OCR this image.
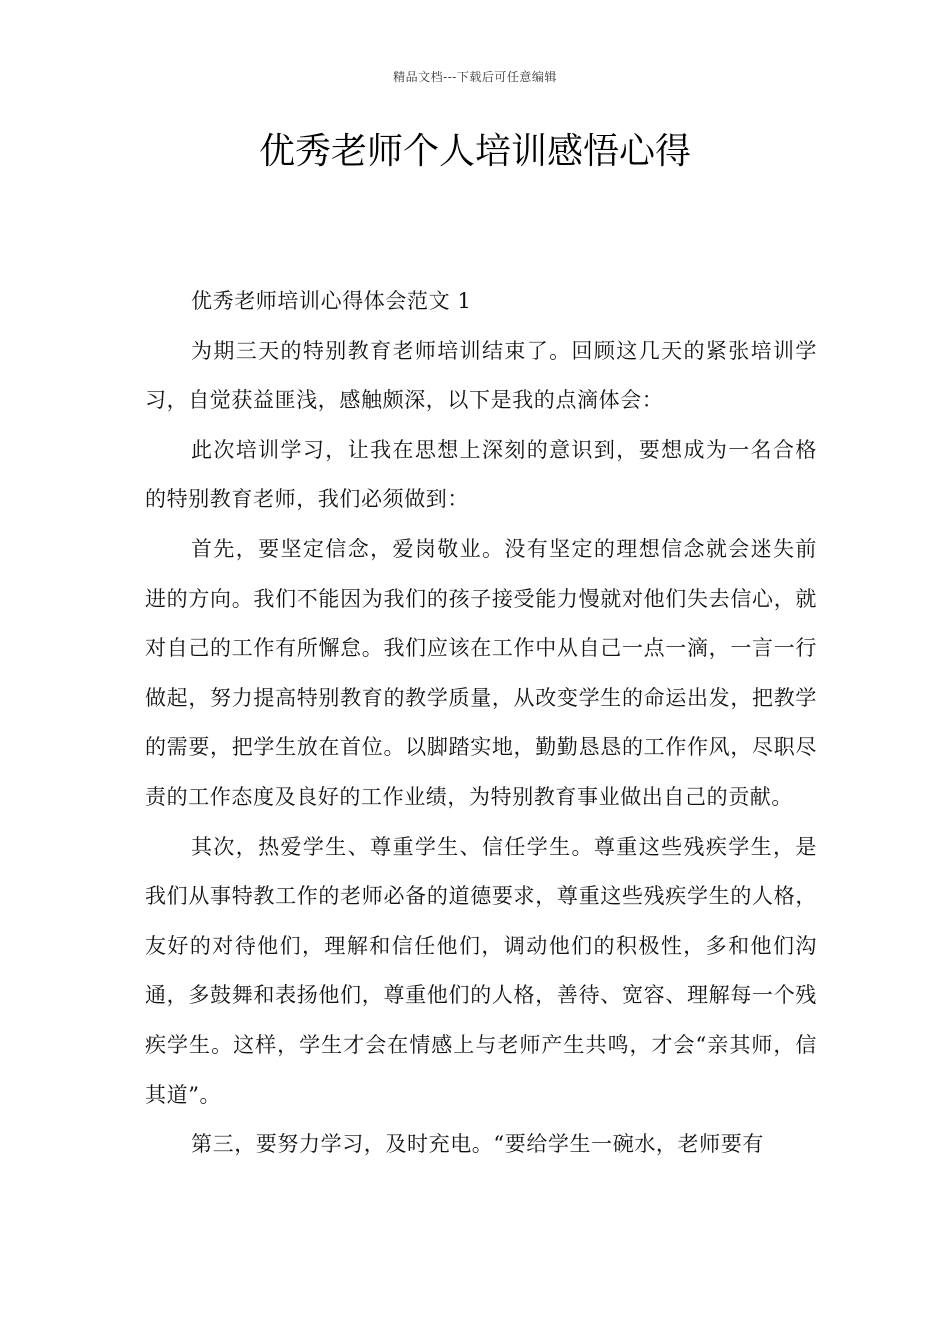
精品文档---下载后可任意编辑
优秀老师个人培训感悟心得

优秀老师培训心得体会范文 1

为期三天的特别教育老师培训结束了。回顾这几天的紧张培训学习，自觉获益匪浅，感触颇深，以下是我的点滴体会：

此次培训学习，让我在思想上深刻的意识到，要想成为一名合格的特别教育老师，我们必须做到：

首先，要坚定信念，爱岗敬业。没有坚定的理想信念就会迷失前进的方向。我们不能因为我们的孩子接受能力慢就对他们失去信心，就对自己的工作有所懈怠。我们应该在工作中从自己一点一滴，一言一行做起，努力提高特别教育的教学质量，从改变学生的命运出发，把教学的需要，把学生放在首位。以脚踏实地，勤勤恳恳的工作作风，尽职尽责的工作态度及良好的工作业绩，为特别教育事业做出自己的贡献。

其次，热爱学生、尊重学生、信任学生。尊重这些残疾学生，是我们从事特教工作的老师必备的道德要求，尊重这些残疾学生的人格，友好的对待他们，理解和信任他们，调动他们的积极性，多和他们沟通，多鼓舞和表扬他们，尊重他们的人格，善待、宽容、理解每一个残疾学生。这样，学生才会在情感上与老师产生共鸣，才会“亲其师，信其道”。

第三，要努力学习，及时充电。“要给学生一碗水，老师要有
